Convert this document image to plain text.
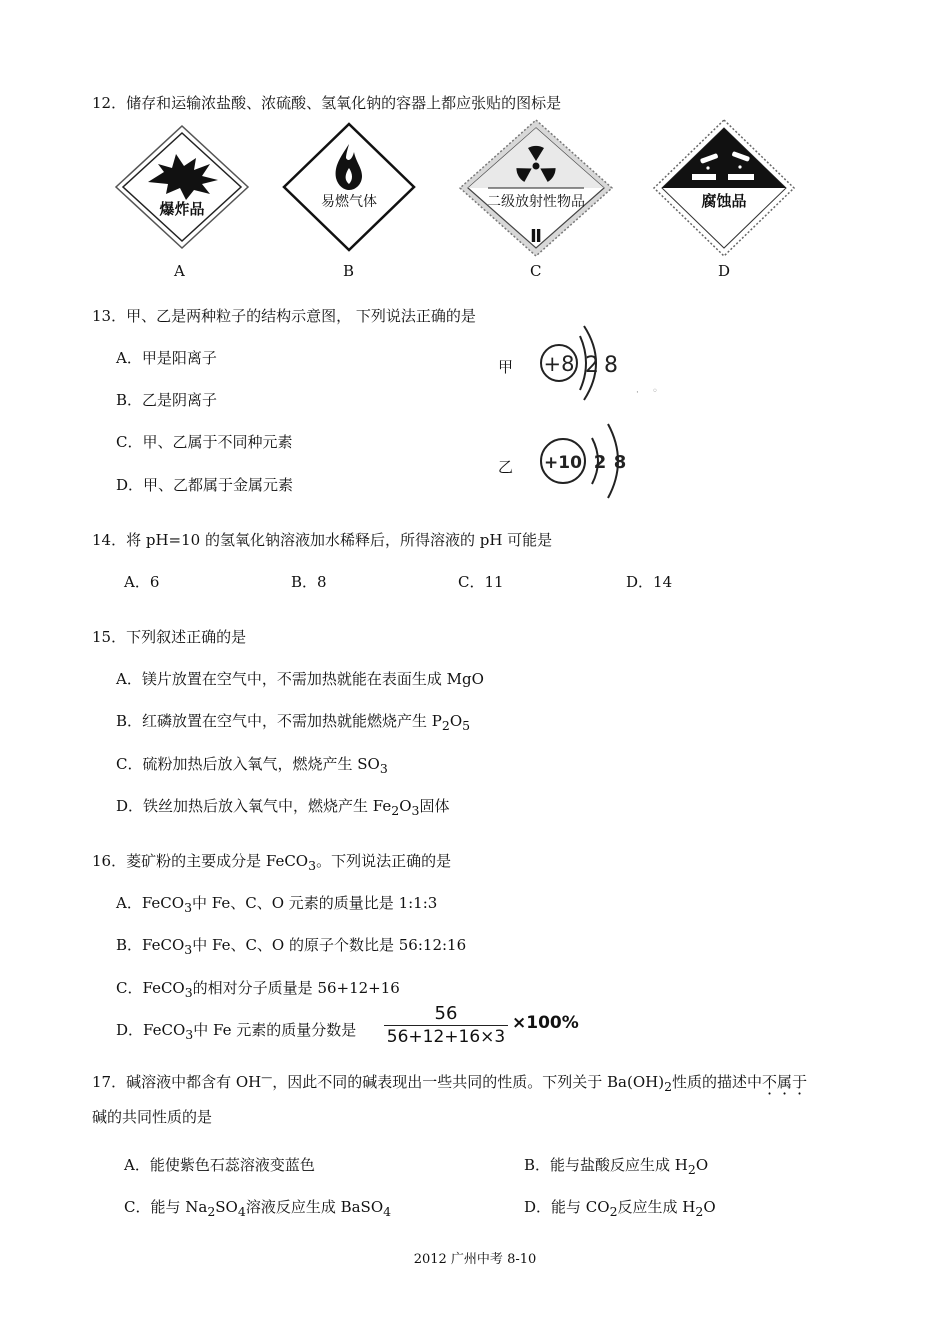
12．储存和运输浓盐酸、浓硫酸、氢氧化钠的容器上都应张贴的图标是
爆炸品
A
易燃气体
B
二级放射性物品
Ⅱ
C
腐蚀品
D
13．甲、乙是两种粒子的结构示意图， 下列说法正确的是
A．甲是阳离子
B．乙是阴离子
C．甲、乙属于不同种元素
D．甲、乙都属于金属元素
甲 +8 2 8
· ◦
乙 +10 2 8
14．将 pH=10 的氢氧化钠溶液加水稀释后，所得溶液的 pH 可能是
A．6	B．8	C．11	D．14
15．下列叙述正确的是
A．镁片放置在空气中，不需加热就能在表面生成 MgO
B．红磷放置在空气中，不需加热就能燃烧产生 $P_2O_5$
C．硫粉加热后放入氧气，燃烧产生 $SO_3$
D．铁丝加热后放入氧气中，燃烧产生 $Fe_2O_3$固体
16．菱矿粉的主要成分是 FeCO$_3$。下列说法正确的是
A．FeCO$_3$中 Fe、C、O 元素的质量比是 1:1:3
B．FeCO$_3$中 Fe、C、O 的原子个数比是 56:12:16
C．FeCO$_3$的相对分子质量是 56+12+16
D．FeCO$_3$中 Fe 元素的质量分数是
56
56+12+16×3
×100%
17．碱溶液中都含有 OH—，因此不同的碱表现出一些共同的性质。下列关于 $Ba(OH)_2$性质的描述中不属于
碱的共同性质的是
A．能使紫色石蕊溶液变蓝色	B．能与盐酸反应生成 $H_2O$
C．能与 $Na_2SO_4$溶液反应生成 BaSO$_4$	D．能与 $CO_2$反应生成 $H_2O$
2012 广州中考 8-10
